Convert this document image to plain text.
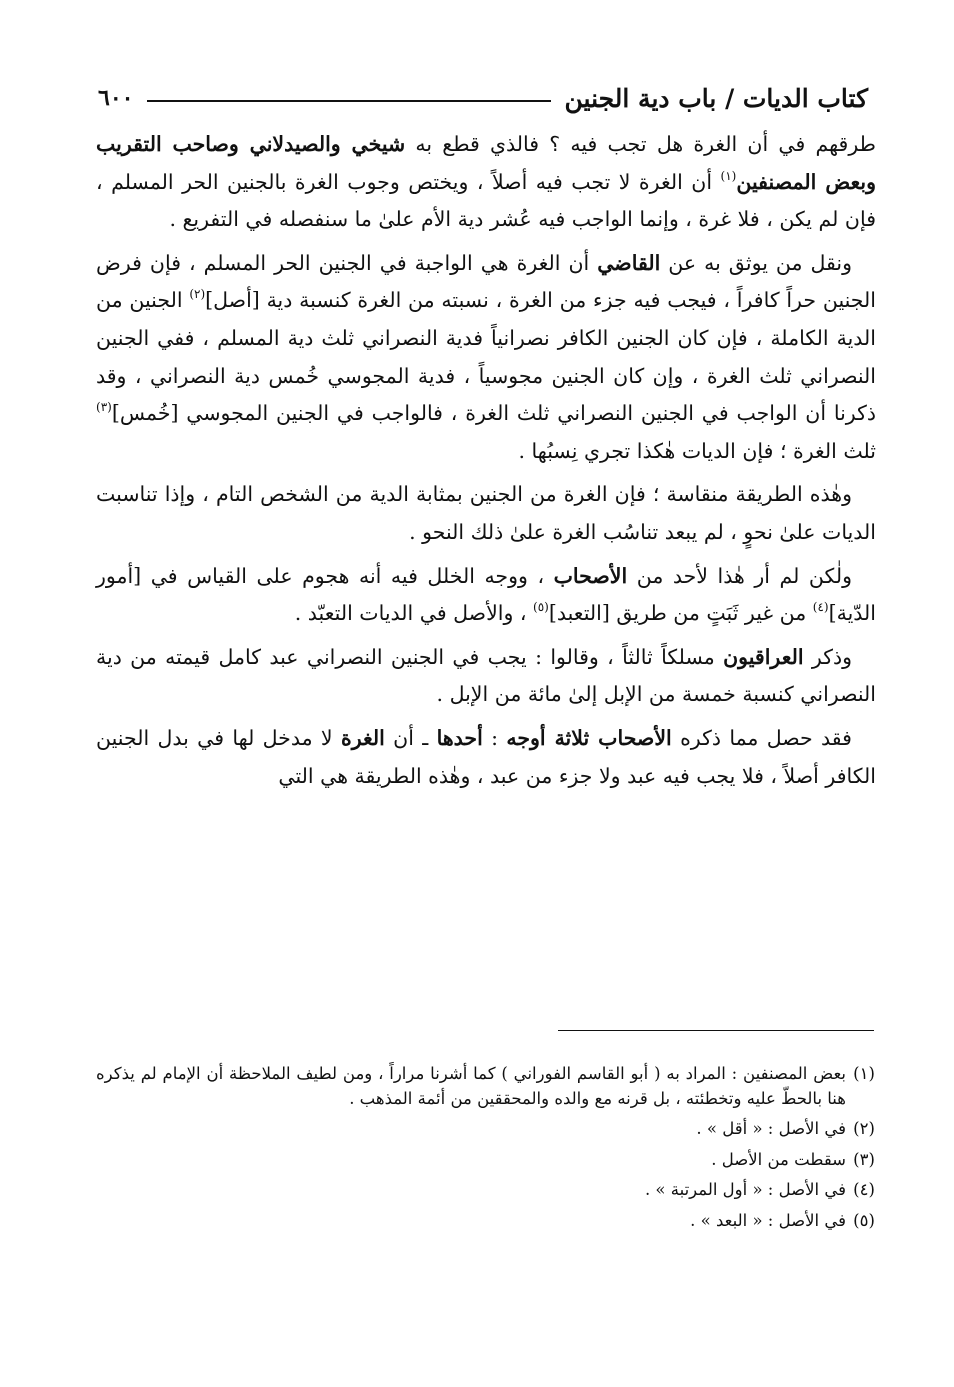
كتاب الديات / باب دية الجنين
٦٠٠

طرقهم في أن الغرة هل تجب فيه ؟ فالذي قطع به شيخي والصيدلاني وصاحب التقريب وبعض المصنفين$^{(١)}$ أن الغرة لا تجب فيه أصلاً ، ويختص وجوب الغرة بالجنين الحر المسلم ، فإن لم يكن ، فلا غرة ، وإنما الواجب فيه عُشر دية الأم علىٰ ما سنفصله في التفريع .

ونقل من يوثق به عن القاضي أن الغرة هي الواجبة في الجنين الحر المسلم ، فإن فرض الجنين حراً كافراً ، فيجب فيه جزء من الغرة ، نسبته من الغرة كنسبة دية [أصل]$^{(٢)}$ الجنين من الدية الكاملة ، فإن كان الجنين الكافر نصرانياً فدية النصراني ثلث دية المسلم ، ففي الجنين النصراني ثلث الغرة ، وإن كان الجنين مجوسياً ، فدية المجوسي خُمس دية النصراني ، وقد ذكرنا أن الواجب في الجنين النصراني ثلث الغرة ، فالواجب في الجنين المجوسي [خُمس]$^{(٣)}$ ثلث الغرة ؛ فإن الديات هٰكذا تجري نِسبُها .

وهٰذه الطريقة منقاسة ؛ فإن الغرة من الجنين بمثابة الدية من الشخص التام ، وإذا تناسبت الديات علىٰ نحوٍ ، لم يبعد تناسُب الغرة علىٰ ذلك النحو .

ولٰكن لم أر هٰذا لأحد من الأصحاب ، ووجه الخلل فيه أنه هجوم على القياس في [أمور الدّية]$^{(٤)}$ من غير ثَبَتٍ من طريق [التعبد]$^{(٥)}$ ، والأصل في الديات التعبّد .

وذكر العراقيون مسلكاً ثالثاً ، وقالوا : يجب في الجنين النصراني عبد كامل قيمته من دية النصراني كنسبة خمسة من الإبل إلىٰ مائة من الإبل .

فقد حصل مما ذكره الأصحاب ثلاثة أوجه : أحدها ـ أن الغرة لا مدخل لها في بدل الجنين الكافر أصلاً ، فلا يجب فيه عبد ولا جزء من عبد ، وهٰذه الطريقة هي التي

(١)
بعض المصنفين : المراد به ( أبو القاسم الفوراني ) كما أشرنا مراراً ، ومن لطيف الملاحظة أن الإمام لم يذكره هنا بالحطّ عليه وتخطئته ، بل قرنه مع والده والمحققين من أئمة المذهب .
(٢)
في الأصل : « أقل » .
(٣)
سقطت من الأصل .
(٤)
في الأصل : « أول المرتبة » .
(٥)
في الأصل : « البعد » .
